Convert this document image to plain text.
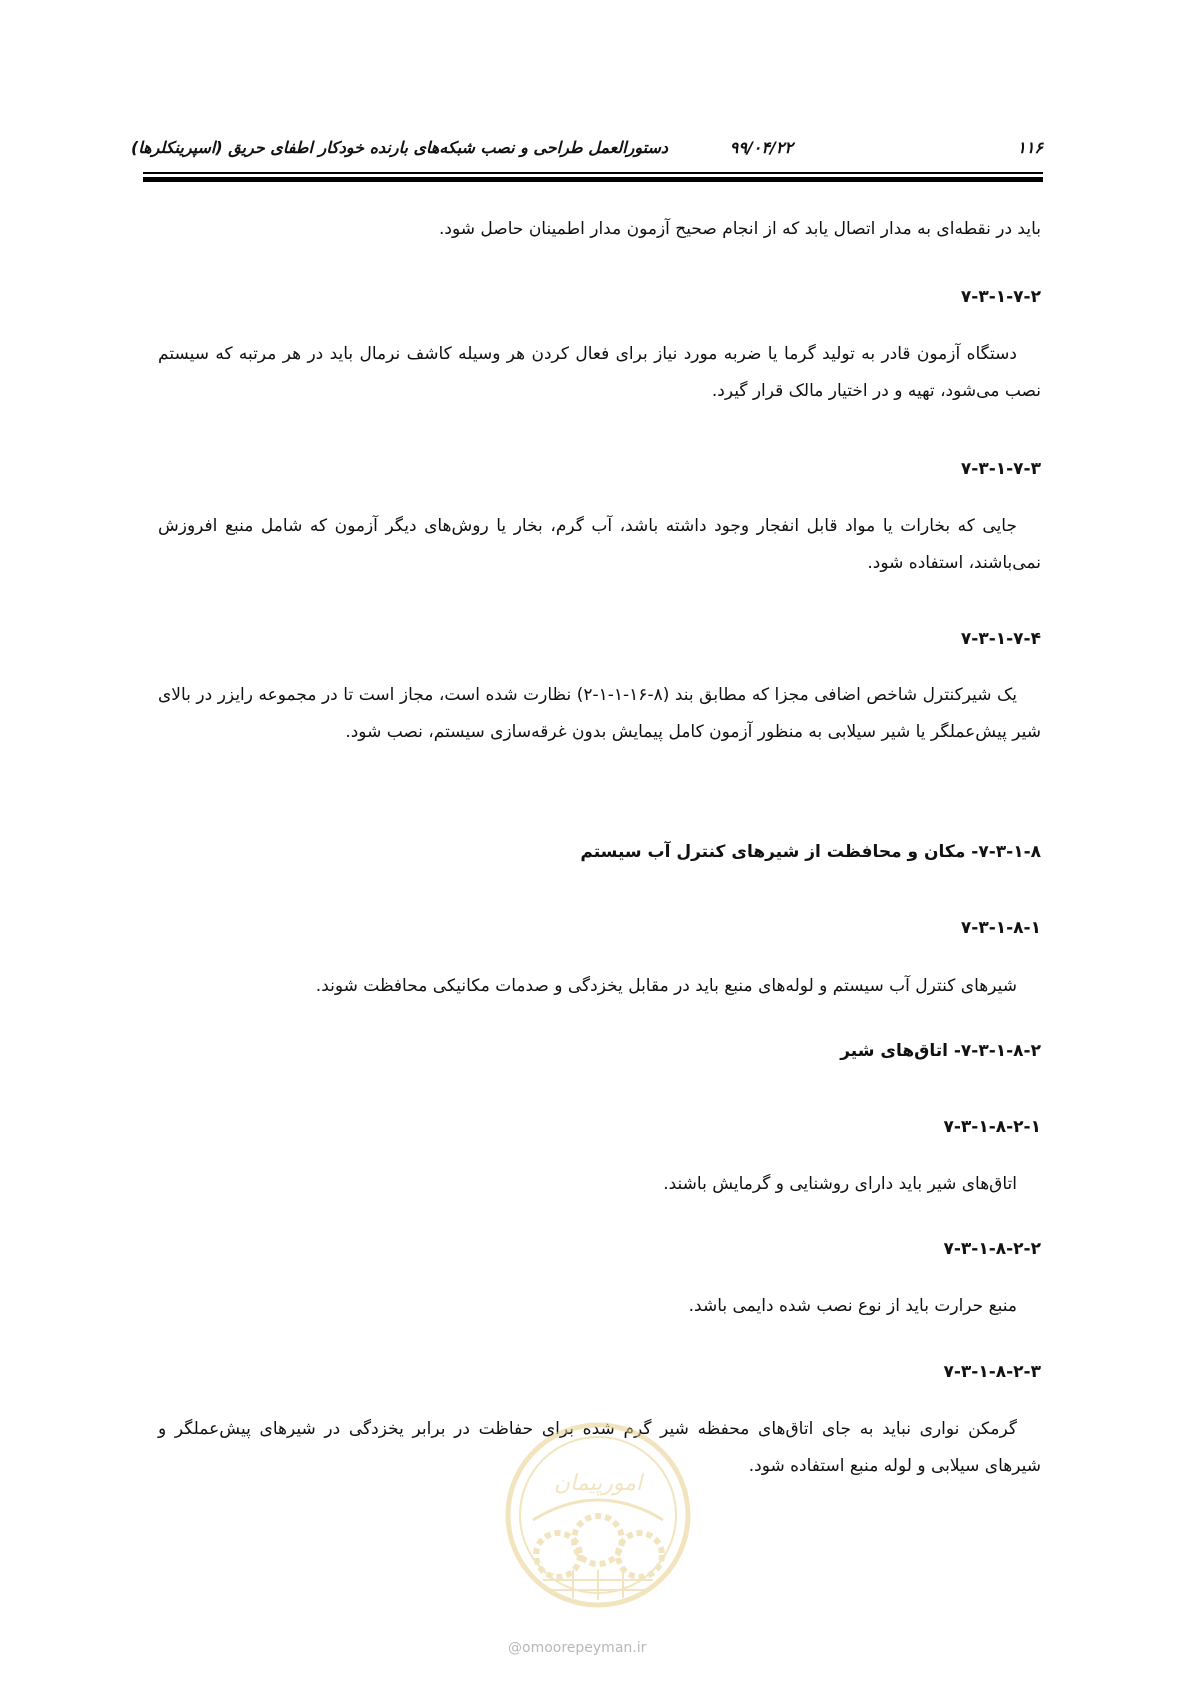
۱۱۶
۹۹/۰۴/۲۲
دستورالعمل طراحی و نصب شبکه‌های بارنده خودکار اطفای حریق (اسپرینکلرها)
باید در نقطه‌ای به مدار اتصال یابد که از انجام صحیح آزمون مدار اطمینان حاصل شود.
۷-۳-۱-۷-۲
دستگاه آزمون قادر به تولید گرما یا ضربه مورد نیاز برای فعال کردن هر وسیله کاشف نرمال باید در هر مرتبه که سیستم نصب می‌شود، تهیه و در اختیار مالک قرار گیرد.
۷-۳-۱-۷-۳
جایی که بخارات یا مواد قابل انفجار وجود داشته باشد، آب گرم، بخار یا روش‌های دیگر آزمون که شامل منبع افروزش نمی‌باشند، استفاده شود.
۷-۳-۱-۷-۴
یک شیرکنترل شاخص اضافی مجزا که مطابق بند (۸-۱۶-۱-۱-۲) نظارت شده است، مجاز است تا در مجموعه رایزر در بالای شیر پیش‌عملگر یا شیر سیلابی به منظور آزمون کامل پیمایش بدون غرقه‌سازی سیستم، نصب شود.
۷-۳-۱-۸- مکان و محافظت از شیرهای کنترل آب سیستم
۷-۳-۱-۸-۱
شیرهای کنترل آب سیستم و لوله‌های منبع باید در مقابل یخزدگی و صدمات مکانیکی محافظت شوند.
۷-۳-۱-۸-۲- اتاق‌های شیر
۷-۳-۱-۸-۲-۱
اتاق‌های شیر باید دارای روشنایی و گرمایش باشند.
۷-۳-۱-۸-۲-۲
منبع حرارت باید از نوع نصب شده دایمی باشد.
۷-۳-۱-۸-۲-۳
گرمکن نواری نباید به جای اتاق‌های محفظه شیر گرم شده برای حفاظت در برابر یخزدگی در شیرهای پیش‌عملگر و شیرهای سیلابی و لوله منبع استفاده شود.
امورپیمان
@omoorepeyman.ir
